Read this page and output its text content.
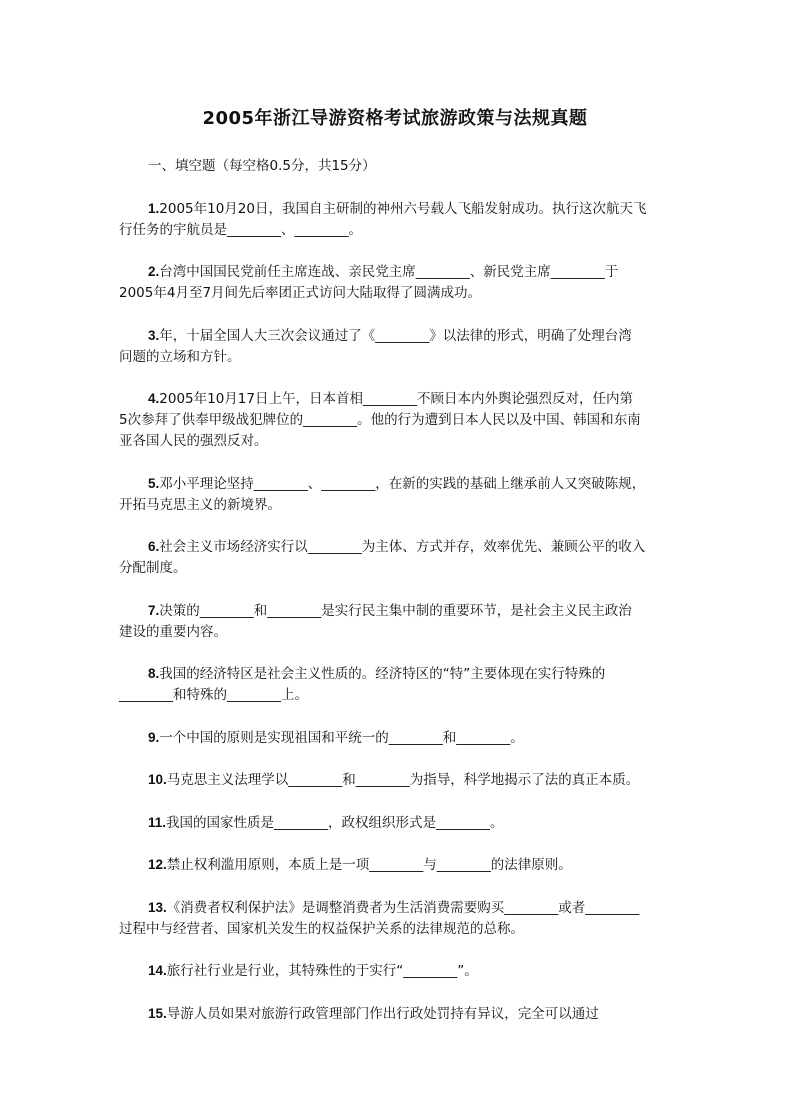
2005年浙江导游资格考试旅游政策与法规真题

一、填空题（每空格0.5分，共15分）

1.2005年10月20日，我国自主研制的神州六号载人飞船发射成功。执行这次航天飞
行任务的宇航员是________、________。

2.台湾中国国民党前任主席连战、亲民党主席________、新民党主席________于
2005年4月至7月间先后率团正式访问大陆取得了圆满成功。

3.年，十届全国人大三次会议通过了《________》以法律的形式，明确了处理台湾
问题的立场和方针。

4.2005年10月17日上午，日本首相________不顾日本内外舆论强烈反对，任内第
5次参拜了供奉甲级战犯牌位的________。他的行为遭到日本人民以及中国、韩国和东南
亚各国人民的强烈反对。

5.邓小平理论坚持________、________，在新的实践的基础上继承前人又突破陈规，
开拓马克思主义的新境界。

6.社会主义市场经济实行以________为主体、方式并存，效率优先、兼顾公平的收入
分配制度。

7.决策的________和________是实行民主集中制的重要环节，是社会主义民主政治
建设的重要内容。

8.我国的经济特区是社会主义性质的。经济特区的“特”主要体现在实行特殊的
________和特殊的________上。

9.一个中国的原则是实现祖国和平统一的________和________。

10.马克思主义法理学以________和________为指导，科学地揭示了法的真正本质。

11.我国的国家性质是________，政权组织形式是________。

12.禁止权利滥用原则，本质上是一项________与________的法律原则。

13.《消费者权利保护法》是调整消费者为生活消费需要购买________或者________
过程中与经营者、国家机关发生的权益保护关系的法律规范的总称。

14.旅行社行业是行业，其特殊性的于实行“________”。

15.导游人员如果对旅游行政管理部门作出行政处罚持有异议，完全可以通过
